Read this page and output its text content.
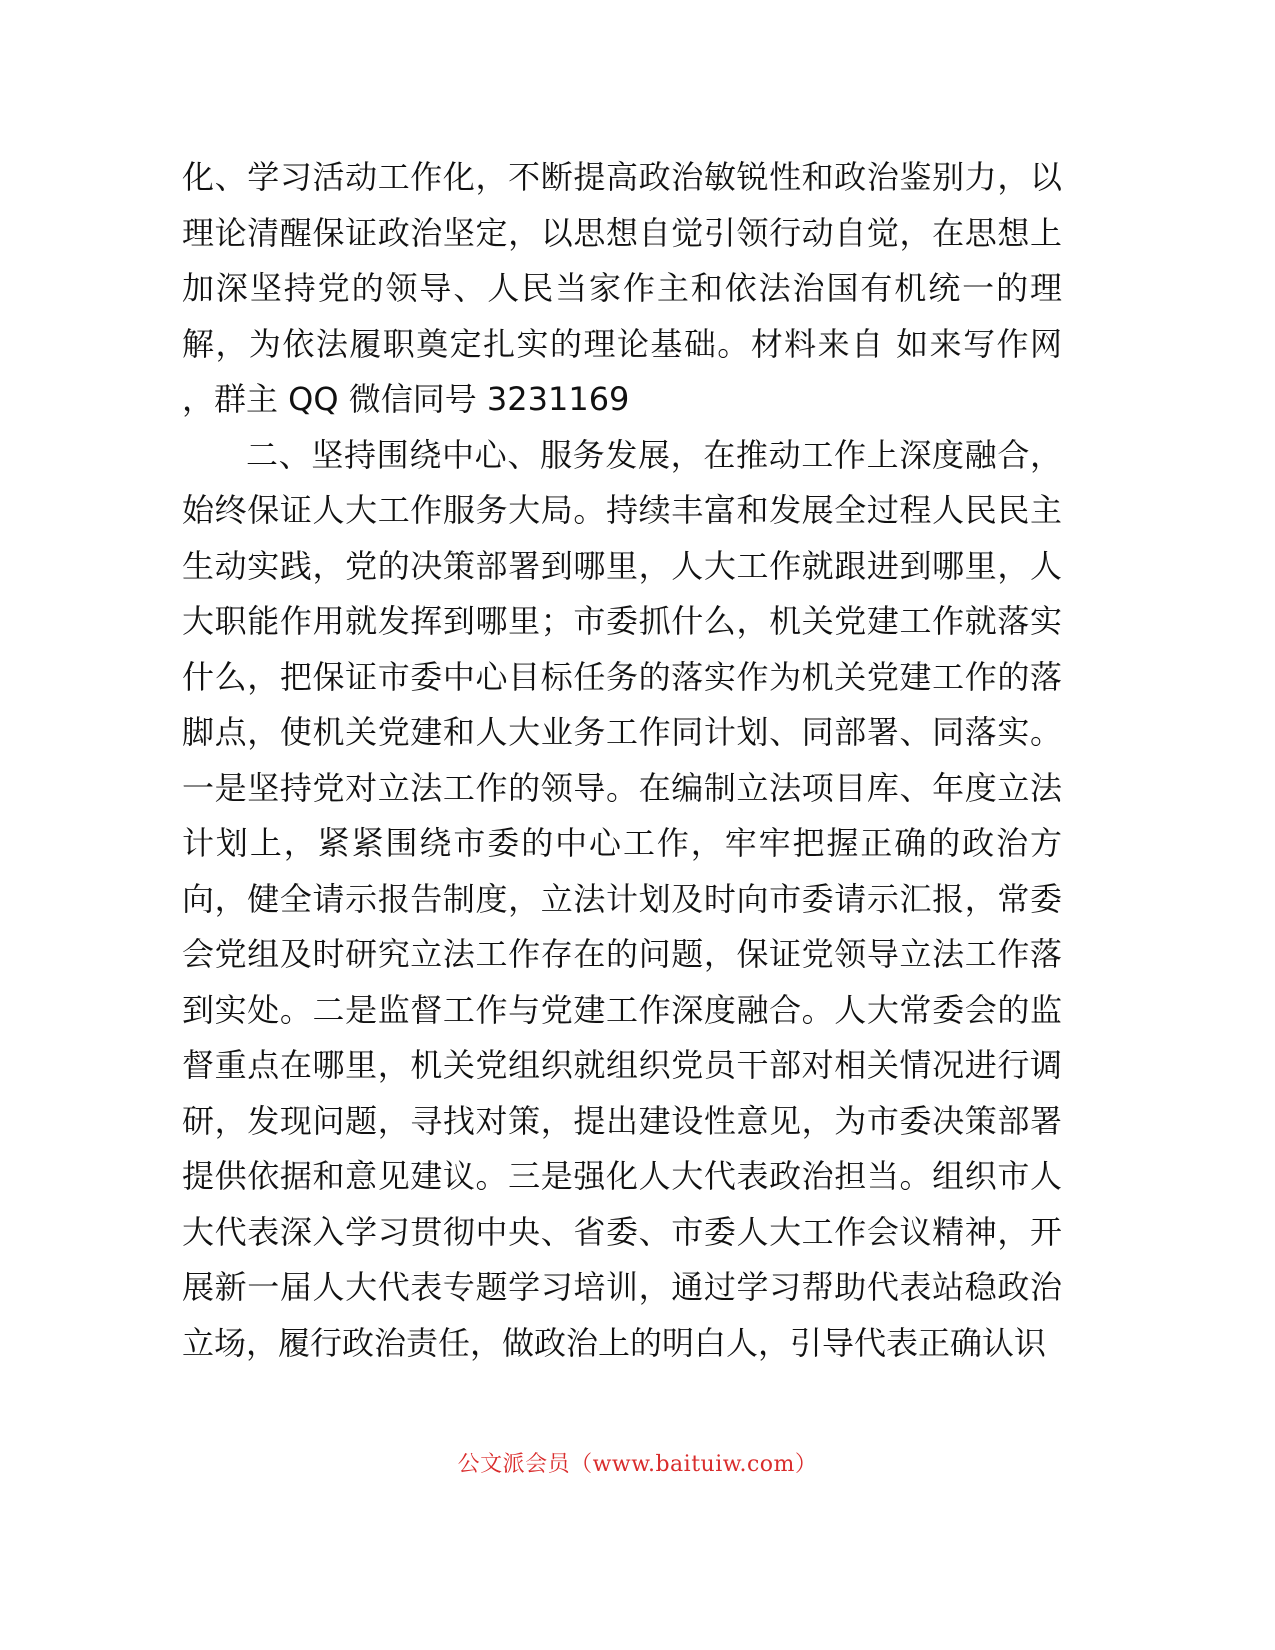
化、学习活动工作化，不断提高政治敏锐性和政治鉴别力，以理论清醒保证政治坚定，以思想自觉引领行动自觉，在思想上加深坚持党的领导、人民当家作主和依法治国有机统一的理解，为依法履职奠定扎实的理论基础。材料来自 如来写作网 ，群主 QQ 微信同号 3231169

二、坚持围绕中心、服务发展，在推动工作上深度融合，始终保证人大工作服务大局。持续丰富和发展全过程人民民主生动实践，党的决策部署到哪里，人大工作就跟进到哪里，人大职能作用就发挥到哪里；市委抓什么，机关党建工作就落实什么，把保证市委中心目标任务的落实作为机关党建工作的落脚点，使机关党建和人大业务工作同计划、同部署、同落实。一是坚持党对立法工作的领导。在编制立法项目库、年度立法计划上，紧紧围绕市委的中心工作，牢牢把握正确的政治方向，健全请示报告制度，立法计划及时向市委请示汇报，常委会党组及时研究立法工作存在的问题，保证党领导立法工作落到实处。二是监督工作与党建工作深度融合。人大常委会的监督重点在哪里，机关党组织就组织党员干部对相关情况进行调研，发现问题，寻找对策，提出建设性意见，为市委决策部署提供依据和意见建议。三是强化人大代表政治担当。组织市人大代表深入学习贯彻中央、省委、市委人大工作会议精神，开展新一届人大代表专题学习培训，通过学习帮助代表站稳政治立场，履行政治责任，做政治上的明白人，引导代表正确认识

公文派会员（www.baituiw.com）
